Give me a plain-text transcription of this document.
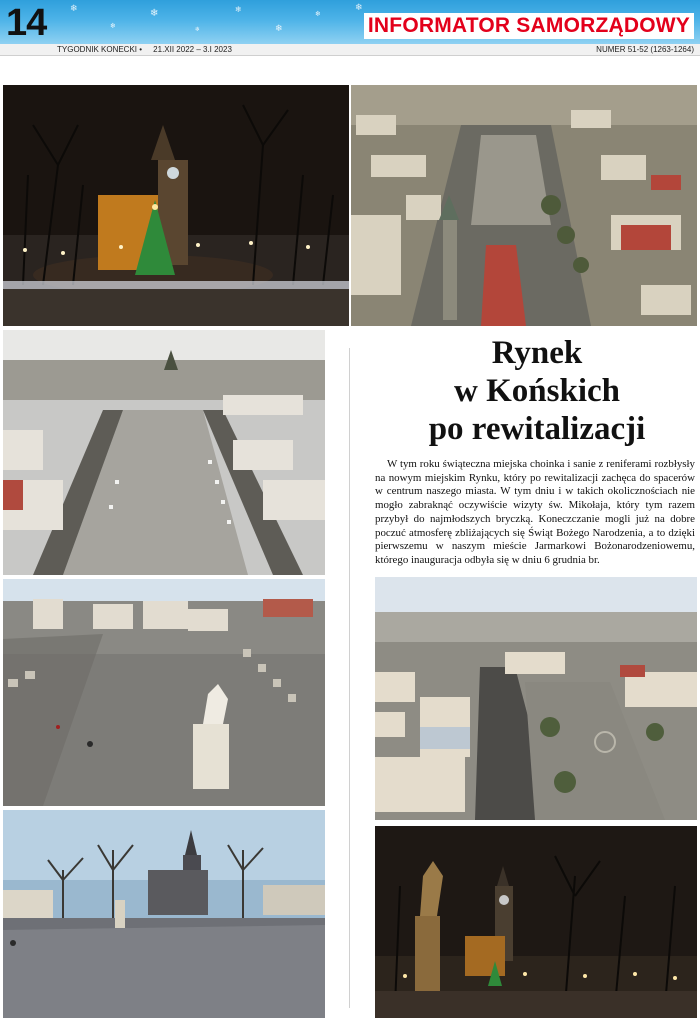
❄
❄
❄
❄
❄
❄
❄
❄
14	INFORMATOR SAMORZĄDOWY
TYGODNIK KONECKI • 21.XII 2022 – 3.I 2023	NUMER 51-52 (1263-1264)
Rynek
w Końskich
po rewitalizacji

W tym roku świąteczna miejska choinka i sanie z reniferami rozbłysły na nowym miejskim Rynku, który po rewitalizacji zachęca do spacerów w centrum naszego miasta. W tym dniu i w takich okolicznościach nie mogło zabraknąć oczywiście wizyty św. Mikołaja, który tym razem przybył do najmłodszych bryczką. Koneczczanie mogli już na dobre poczuć atmosferę zbliżających się Świąt Bożego Narodzenia, a to dzięki pierwszemu w naszym mieście Jarmarkowi Bożonarodzeniowemu, którego inauguracja odbyła się w dniu 6 grudnia br.
